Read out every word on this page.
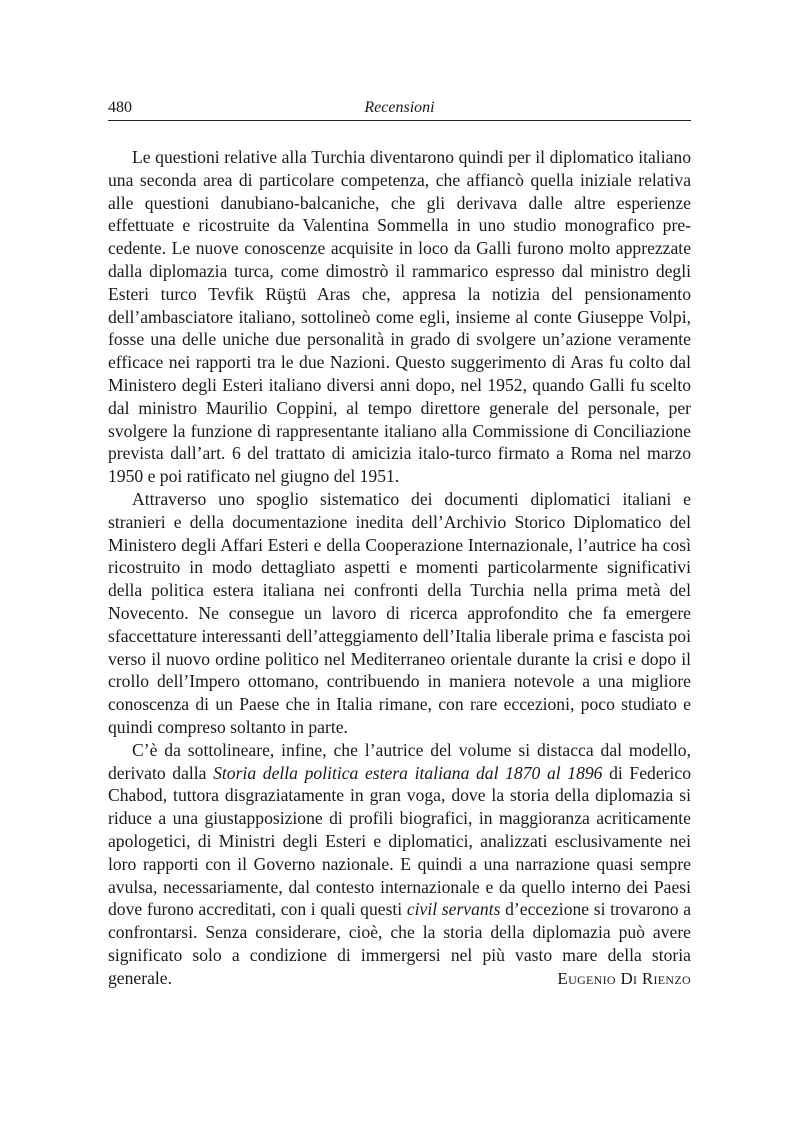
480	Recensioni

Le questioni relative alla Turchia diventarono quindi per il diplomatico italiano una seconda area di particolare competenza, che affiancò quella iniziale relativa alle questioni danubiano-balcaniche, che gli derivava dalle altre esperienze effettuate e ricostruite da Valentina Sommella in uno studio monografico precedente. Le nuove conoscenze acquisite in loco da Galli furono molto apprezzate dalla diplomazia turca, come dimostrò il rammarico espresso dal ministro degli Esteri turco Tevfik Rüştü Aras che, appresa la notizia del pensionamento dell’ambasciatore italiano, sottolineò come egli, insieme al conte Giuseppe Volpi, fosse una delle uniche due personalità in grado di svolgere un’azione veramente efficace nei rapporti tra le due Nazioni. Questo suggerimento di Aras fu colto dal Ministero degli Esteri italiano diversi anni dopo, nel 1952, quando Galli fu scelto dal ministro Maurilio Coppini, al tempo direttore generale del personale, per svolgere la funzione di rappresentante italiano alla Commissione di Conciliazione prevista dall’art. 6 del trattato di amicizia italo-turco firmato a Roma nel marzo 1950 e poi ratificato nel giugno del 1951.

Attraverso uno spoglio sistematico dei documenti diplomatici italiani e stranieri e della documentazione inedita dell’Archivio Storico Diplomatico del Ministero degli Affari Esteri e della Cooperazione Internazionale, l’autrice ha così ricostruito in modo dettagliato aspetti e momenti particolarmente significativi della politica estera italiana nei confronti della Turchia nella prima metà del Novecento. Ne consegue un lavoro di ricerca approfondito che fa emergere sfaccettature interessanti dell’atteggiamento dell’Italia liberale prima e fascista poi verso il nuovo ordine politico nel Mediterraneo orientale durante la crisi e dopo il crollo dell’Impero ottomano, contribuendo in maniera notevole a una migliore conoscenza di un Paese che in Italia rimane, con rare eccezioni, poco studiato e quindi compreso soltanto in parte.

C’è da sottolineare, infine, che l’autrice del volume si distacca dal modello, derivato dalla Storia della politica estera italiana dal 1870 al 1896 di Federico Chabod, tuttora disgraziatamente in gran voga, dove la storia della diplomazia si riduce a una giustapposizione di profili biografici, in maggioranza acriticamente apologetici, di Ministri degli Esteri e diplomatici, analizzati esclusivamente nei loro rapporti con il Governo nazionale. E quindi a una narrazione quasi sempre avulsa, necessariamente, dal contesto internazionale e da quello interno dei Paesi dove furono accreditati, con i quali questi civil servants d’eccezione si trovarono a confrontarsi. Senza considerare, cioè, che la storia della diplomazia può avere significato solo a condizione di immergersi nel più vasto mare della storia generale.	Eugenio Di Rienzo
